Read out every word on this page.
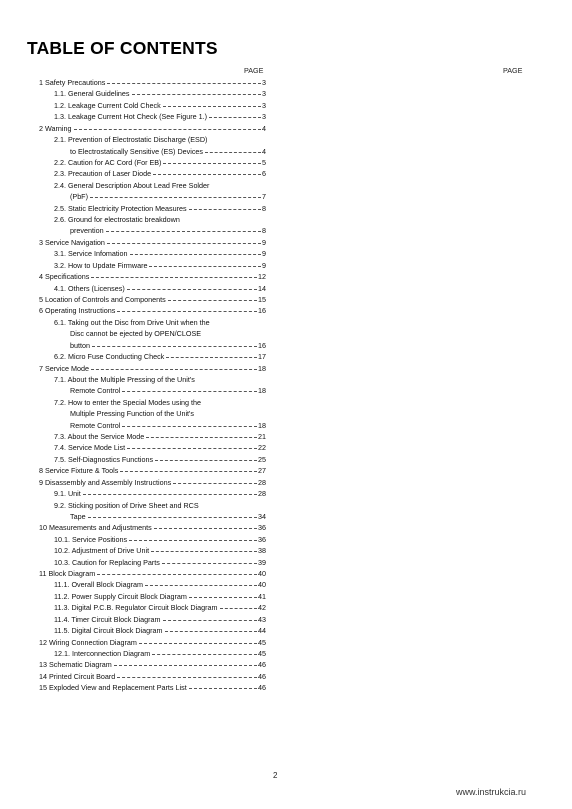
TABLE OF CONTENTS
PAGE	PAGE
1 Safety Precautions	3
1.1. General Guidelines	3
1.2. Leakage Current Cold Check	3
1.3. Leakage Current Hot Check (See Figure 1.)	3
2 Warning	4
2.1. Prevention of Electrostatic Discharge (ESD)
to Electrostatically Sensitive (ES) Devices	4
2.2. Caution for AC Cord (For EB)	5
2.3. Precaution of Laser Diode	6
2.4. General Description About Lead Free Solder
(PbF)	7
2.5. Static Electricity Protection Measures	8
2.6. Ground for electrostatic breakdown
prevention	8
3 Service Navigation	9
3.1. Service Infomation	9
3.2. How to Update Firmware	9
4 Specifications	12
4.1. Others (Licenses)	14
5 Location of Controls and Components	15
6 Operating Instructions	16
6.1. Taking out the Disc from Drive Unit when the
Disc cannot be ejected by OPEN/CLOSE
button	16
6.2. Micro Fuse Conducting Check	17
7 Service Mode	18
7.1. About the Multiple Pressing of the Unit's
Remote Control	18
7.2. How to enter the Special Modes using the
Multiple Pressing Function of the Unit's
Remote Control	18
7.3. About the Service Mode	21
7.4. Service Mode List	22
7.5. Self-Diagnostics Functions	25
8 Service Fixture & Tools	27
9 Disassembly and Assembly Instructions	28
9.1. Unit	28
9.2. Sticking position of Drive Sheet and RCS
Tape	34
10 Measurements and Adjustments	36
10.1. Service Positions	36
10.2. Adjustment of Drive Unit	38
10.3. Caution for Replacing Parts	39
11 Block Diagram	40
11.1. Overall Block Diagram	40
11.2. Power Supply Circuit Block Diagram	41
11.3. Digital P.C.B. Regulator Circuit Block Diagram	42
11.4. Timer Circuit Block Diagram	43
11.5. Digital Circuit Block Diagram	44
12 Wiring Connection Diagram	45
12.1. Interconnection Diagram	45
13 Schematic Diagram	46
14 Printed Circuit Board	46
15 Exploded View and Replacement Parts List	46
2
www.instrukcia.ru
